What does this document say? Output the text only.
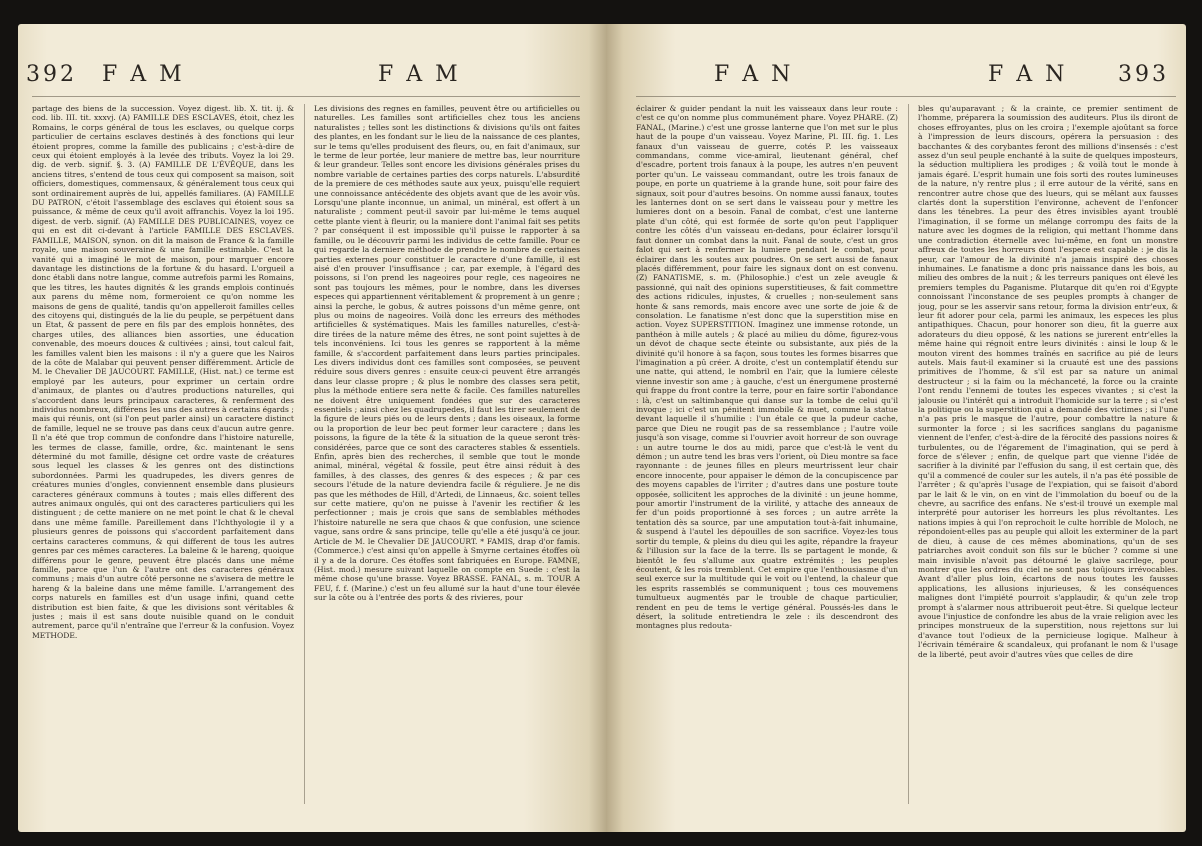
392 F A M	F A M

partage des biens de la succession. Voyez digest. lib. X. tit. ij. & cod. lib. III. tit. xxxvj. (A) FAMILLE DES ESCLAVES, étoit, chez les Romains, le corps général de tous les esclaves, ou quelque corps particulier de certains esclaves destinés à des fonctions qui leur étoient propres, comme la famille des publicains ; c'est-à-dire de ceux qui étoient employés à la levée des tributs. Voyez la loi 29. dig. de verb. signif. §. 3. (A) FAMILLE DE L'ÉVÊQUE, dans les anciens titres, s'entend de tous ceux qui composent sa maison, soit officiers, domestiques, commensaux, & généralement tous ceux qui sont ordinairement auprès de lui, appellés familiares. (A) FAMILLE DU PATRON, c'étoit l'assemblage des esclaves qui étoient sous sa puissance, & même de ceux qu'il avoit affranchis. Voyez la loi 195. digest. de verb. signif. (A) FAMILLE DES PUBLICAINES, voyez ce qui en est dit ci-devant à l'article FAMILLE DES ESCLAVES. FAMILLE, MAISON, synon. on dit la maison de France & la famille royale, une maison souveraine & une famille estimable. C'est la vanité qui a imaginé le mot de maison, pour marquer encore davantage les distinctions de la fortune & du hasard. L'orgueil a donc établi dans notre langue, comme autrefois parmi les Romains, que les titres, les hautes dignités & les grands emplois continués aux parens du même nom, formeroient ce qu'on nomme les maisons de gens de qualité, tandis qu'on appelleroit familles celles des citoyens qui, distingués de la lie du peuple, se perpétuent dans un Etat, & passent de pere en fils par des emplois honnêtes, des charges utiles, des alliances bien assorties, une éducation convenable, des moeurs douces & cultivées ; ainsi, tout calcul fait, les familles valent bien les maisons : il n'y a guere que les Nairos de la côte de Malabar qui peuvent penser différemment. Article de M. le Chevalier DE JAUCOURT. FAMILLE, (Hist. nat.) ce terme est employé par les auteurs, pour exprimer un certain ordre d'animaux, de plantes ou d'autres productions naturelles, qui s'accordent dans leurs principaux caracteres, & renferment des individus nombreux, différens les uns des autres à certains égards ; mais qui réunis, ont (si l'on peut parler ainsi) un caractere distinct de famille, lequel ne se trouve pas dans ceux d'aucun autre genre. Il n'a été que trop commun de confondre dans l'histoire naturelle, les termes de classe, famille, ordre, &c. maintenant le sens déterminé du mot famille, désigne cet ordre vaste de créatures sous lequel les classes & les genres ont des distinctions subordonnées. Parmi les quadrupedes, les divers genres de créatures munies d'ongles, conviennent ensemble dans plusieurs caracteres généraux communs à toutes ; mais elles different des autres animaux ongulés, qui ont des caracteres particuliers qui les distinguent ; de cette maniere on ne met point le chat & le cheval dans une même famille. Pareillement dans l'Ichthyologie il y a plusieurs genres de poissons qui s'accordent parfaitement dans certains caracteres communs, & qui different de tous les autres genres par ces mêmes caracteres. La baleine & le hareng, quoique différens pour le genre, peuvent être placés dans une même famille, parce que l'un & l'autre ont des caracteres généraux communs ; mais d'un autre côté personne ne s'avisera de mettre le hareng & la baleine dans une même famille. L'arrangement des corps naturels en familles est d'un usage infini, quand cette distribution est bien faite, & que les divisions sont véritables & justes ; mais il est sans doute nuisible quand on le conduit autrement, parce qu'il n'entraîne que l'erreur & la confusion. Voyez METHODE.

Les divisions des regnes en familles, peuvent être ou artificielles ou naturelles. Les familles sont artificielles chez tous les anciens naturalistes ; telles sont les distinctions & divisions qu'ils ont faites des plantes, en les fondant sur le lieu de la naissance de ces plantes, sur le tems qu'elles produisent des fleurs, ou, en fait d'animaux, sur le terme de leur portée, leur maniere de mettre bas, leur nourriture & leur grandeur. Telles sont encore les divisions générales prises du nombre variable de certaines parties des corps naturels. L'absurdité de la premiere de ces méthodes saute aux yeux, puisqu'elle requiert une connoissance antécédente des objets avant que de les avoir vûs. Lorsqu'une plante inconnue, un animal, un minéral, est offert à un naturaliste ; comment peut-il savoir par lui-même le tems auquel cette plante vient à fleurir, ou la maniere dont l'animal fait ses petits ? par conséquent il est impossible qu'il puisse le rapporter à sa famille, ou le découvrir parmi les individus de cette famille. Pour ce qui regarde la derniere méthode de prendre le nombre de certaines parties externes pour constituer le caractere d'une famille, il est aisé d'en prouver l'insuffisance ; car, par exemple, à l'égard des poissons, si l'on prend les nageoires pour regle, ces nageoires ne sont pas toujours les mêmes, pour le nombre, dans les diverses especes qui appartiennent véritablement & proprement à un genre ; ainsi la perche, le gobus, & autres poissons d'un même genre, ont plus ou moins de nageoires. Voilà donc les erreurs des méthodes artificielles & systématiques. Mais les familles naturelles, c'est-à-dire tirées de la nature même des êtres, ne sont point sujettes à de tels inconvéniens. Ici tous les genres se rapportent à la même famille, & s'accordent parfaitement dans leurs parties principales. Les divers individus dont ces familles sont composées, se peuvent réduire sous divers genres : ensuite ceux-ci peuvent être arrangés dans leur classe propre ; & plus le nombre des classes sera petit, plus la méthode entiere sera nette & facile. Ces familles naturelles ne doivent être uniquement fondées que sur des caracteres essentiels ; ainsi chez les quadrupedes, il faut les tirer seulement de la figure de leurs piés ou de leurs dents ; dans les oiseaux, la forme ou la proportion de leur bec peut former leur caractere ; dans les poissons, la figure de la tête & la situation de la queue seront très-considérées, parce que ce sont des caracteres stables & essentiels. Enfin, après bien des recherches, il semble que tout le monde animal, minéral, végétal & fossile, peut être ainsi réduit à des familles, à des classes, des genres & des especes ; & par ces secours l'étude de la nature deviendra facile & réguliere. Je ne dis pas que les méthodes de Hill, d'Artedi, de Linnaeus, &c. soient telles sur cette matiere, qu'on ne puisse à l'avenir les rectifier & les perfectionner ; mais je crois que sans de semblables méthodes l'histoire naturelle ne sera que chaos & que confusion, une science vague, sans ordre & sans principe, telle qu'elle a été jusqu'à ce jour. Article de M. le Chevalier DE JAUCOURT. * FAMIS, drap d'or famis. (Commerce.) c'est ainsi qu'on appelle à Smyrne certaines étoffes où il y a de la dorure. Ces étoffes sont fabriquées en Europe. FAMNE, (Hist. mod.) mesure suivant laquelle on compte en Suede : c'est la même chose qu'une brasse. Voyez BRASSE. FANAL, s. m. TOUR A FEU, f. f. (Marine.) c'est un feu allumé sur la haut d'une tour élevée sur la côte ou à l'entrée des ports & des rivieres, pour

F A N	F A N 393

éclairer & guider pendant la nuit les vaisseaux dans leur route : c'est ce qu'on nomme plus communément phare. Voyez PHARE. (Z) FANAL, (Marine.) c'est une grosse lanterne que l'on met sur le plus haut de la poupe d'un vaisseau. Voyez Marine, Pl. III. fig. 1. Les fanaux d'un vaisseau de guerre, cotés P. les vaisseaux commandans, comme vice-amiral, lieutenant général, chef d'escadre, portent trois fanaux à la poupe, les autres n'en peuvent porter qu'un. Le vaisseau commandant, outre les trois fanaux de poupe, en porte un quatrieme à la grande hune, soit pour faire des signaux, soit pour d'autres besoins. On nomme aussi fanaux, toutes les lanternes dont on se sert dans le vaisseau pour y mettre les lumieres dont on a besoin. Fanal de combat, c'est une lanterne plate d'un côté, qui est formée de sorte qu'on peut l'appliquer contre les côtés d'un vaisseau en-dedans, pour éclairer lorsqu'il faut donner un combat dans la nuit. Fanal de soute, c'est un gros falot qui sert à renfermer la lumiere pendant le combat, pour éclairer dans les soutes aux poudres. On se sert aussi de fanaux placés différemment, pour faire les signaux dont on est convenu. (Z) FANATISME, s. m. (Philosophie.) c'est un zele aveugle & passionné, qui naît des opinions superstitieuses, & fait commettre des actions ridicules, injustes, & cruelles ; non-seulement sans honte & sans remords, mais encore avec une sorte de joie & de consolation. Le fanatisme n'est donc que la superstition mise en action. Voyez SUPERSTITION. Imaginez une immense rotonde, un panthéon à mille autels ; & placé au milieu du dôme, figurez-vous un dévot de chaque secte éteinte ou subsistante, aux piés de la divinité qu'il honore à sa façon, sous toutes les formes bisarres que l'imagination a pû créer. A droite, c'est un contemplatif étendu sur une natte, qui attend, le nombril en l'air, que la lumiere céleste vienne investir son ame ; à gauche, c'est un énergumene prosterné qui frappe du front contre la terre, pour en faire sortir l'abondance : là, c'est un saltimbanque qui danse sur la tombe de celui qu'il invoque ; ici c'est un pénitent immobile & muet, comme la statue devant laquelle il s'humilie : l'un étale ce que la pudeur cache, parce que Dieu ne rougit pas de sa ressemblance ; l'autre voile jusqu'à son visage, comme si l'ouvrier avoit horreur de son ouvrage : un autre tourne le dos au midi, parce que c'est-là le vent du démon ; un autre tend les bras vers l'orient, où Dieu montre sa face rayonnante : de jeunes filles en pleurs meurtrissent leur chair encore innocente, pour appaiser le démon de la concupiscence par des moyens capables de l'irriter ; d'autres dans une posture toute opposée, sollicitent les approches de la divinité : un jeune homme, pour amortir l'instrument de la virilité, y attache des anneaux de fer d'un poids proportionné à ses forces ; un autre arrête la tentation dès sa source, par une amputation tout-à-fait inhumaine, & suspend à l'autel les dépouilles de son sacrifice. Voyez-les tous sortir du temple, & pleins du dieu qui les agite, répandre la frayeur & l'illusion sur la face de la terre. Ils se partagent le monde, & bientôt le feu s'allume aux quatre extrémités ; les peuples écoutent, & les rois tremblent. Cet empire que l'enthousiasme d'un seul exerce sur la multitude qui le voit ou l'entend, la chaleur que les esprits rassemblés se communiquent ; tous ces mouvemens tumultueux augmentés par le trouble de chaque particulier, rendent en peu de tems le vertige général. Poussés-les dans le désert, la solitude entretiendra le zele : ils descendront des montagnes plus redouta-

bles qu'auparavant ; & la crainte, ce premier sentiment de l'homme, préparera la soumission des auditeurs. Plus ils diront de choses effroyantes, plus on les croira ; l'exemple ajoûtant sa force à l'impression de leurs discours, opérera la persuasion : des bacchantes & des corybantes feront des millions d'insensés : c'est assez d'un seul peuple enchanté à la suite de quelques imposteurs, la séduction multipliera les prodiges ; & voilà tout le monde à jamais égaré. L'esprit humain une fois sorti des routes lumineuses de la nature, n'y rentre plus ; il erre autour de la vérité, sans en rencontrer autre chose que des lueurs, qui se mêlant aux fausses clartés dont la superstition l'environne, achevent de l'enfoncer dans les ténebres. La peur des êtres invisibles ayant troublé l'imagination, il se forme un mélange corrompu des faits de la nature avec les dogmes de la religion, qui mettant l'homme dans une contradiction éternelle avec lui-même, en font un monstre affreux de toutes les horreurs dont l'espece est capable : je dis la peur, car l'amour de la divinité n'a jamais inspiré des choses inhumaines. Le fanatisme a donc pris naissance dans les bois, au milieu des ombres de la nuit ; & les terreurs paniques ont élevé les premiers temples du Paganisme. Plutarque dit qu'en roi d'Egypte connoissant l'inconstance de ses peuples prompts à changer de joug, pour se les asservir sans retour, forma la division entr'eux, & leur fit adorer pour cela, parmi les animaux, les especes les plus antipathiques. Chacun, pour honorer son dieu, fit la guerre aux adorateurs du dieu opposé, & les nations se jurerent entr'elles la même haine qui régnoit entre leurs divinités : ainsi le loup & le mouton virent des hommes traînés en sacrifice au pié de leurs autels. Mais faut-il examiner si la cruauté est une des passions primitives de l'homme, & s'il est par sa nature un animal destructeur ; si la faim ou la méchanceté, la force ou la crainte l'ont rendu l'ennemi de toutes les especes vivantes ; si c'est la jalousie ou l'intérêt qui a introduit l'homicide sur la terre ; si c'est la politique ou la superstition qui a demandé des victimes ; si l'une n'a pas pris le masque de l'autre, pour combattre la nature & surmonter la force ; si les sacrifices sanglans du paganisme viennent de l'enfer, c'est-à-dire de la férocité des passions noires & turbulentes, ou de l'égarement de l'imagination, qui se perd à force de s'élever ; enfin, de quelque part que vienne l'idée de sacrifier à la divinité par l'effusion du sang, il est certain que, dès qu'il a commencé de couler sur les autels, il n'a pas été possible de l'arrêter ; & qu'après l'usage de l'expiation, qui se faisoit d'abord par le lait & le vin, on en vint de l'immolation du boeuf ou de la chevre, au sacrifice des enfans. Ne s'est-il trouvé un exemple mal interprété pour autoriser les horreurs les plus révoltantes. Les nations impies à qui l'on reprochoit le culte horrible de Moloch, ne répondoient-elles pas au peuple qui alloit les exterminer de la part de dieu, à cause de ces mêmes abominations, qu'un de ses patriarches avoit conduit son fils sur le bûcher ? comme si une main invisible n'avoit pas détourné le glaive sacrilege, pour montrer que les ordres du ciel ne sont pas toûjours irrévocables. Avant d'aller plus loin, écartons de nous toutes les fausses applications, les allusions injurieuses, & les conséquences malignes dont l'impiété pourroit s'applaudir, & qu'un zele trop prompt à s'alarmer nous attribueroit peut-être. Si quelque lecteur avoue l'injustice de confondre les abus de la vraie religion avec les principes monstrueux de la superstition, nous rejettons sur lui d'avance tout l'odieux de la pernicieuse logique. Malheur à l'écrivain téméraire & scandaleux, qui profanant le nom & l'usage de la liberté, peut avoir d'autres vûes que celles de dire
